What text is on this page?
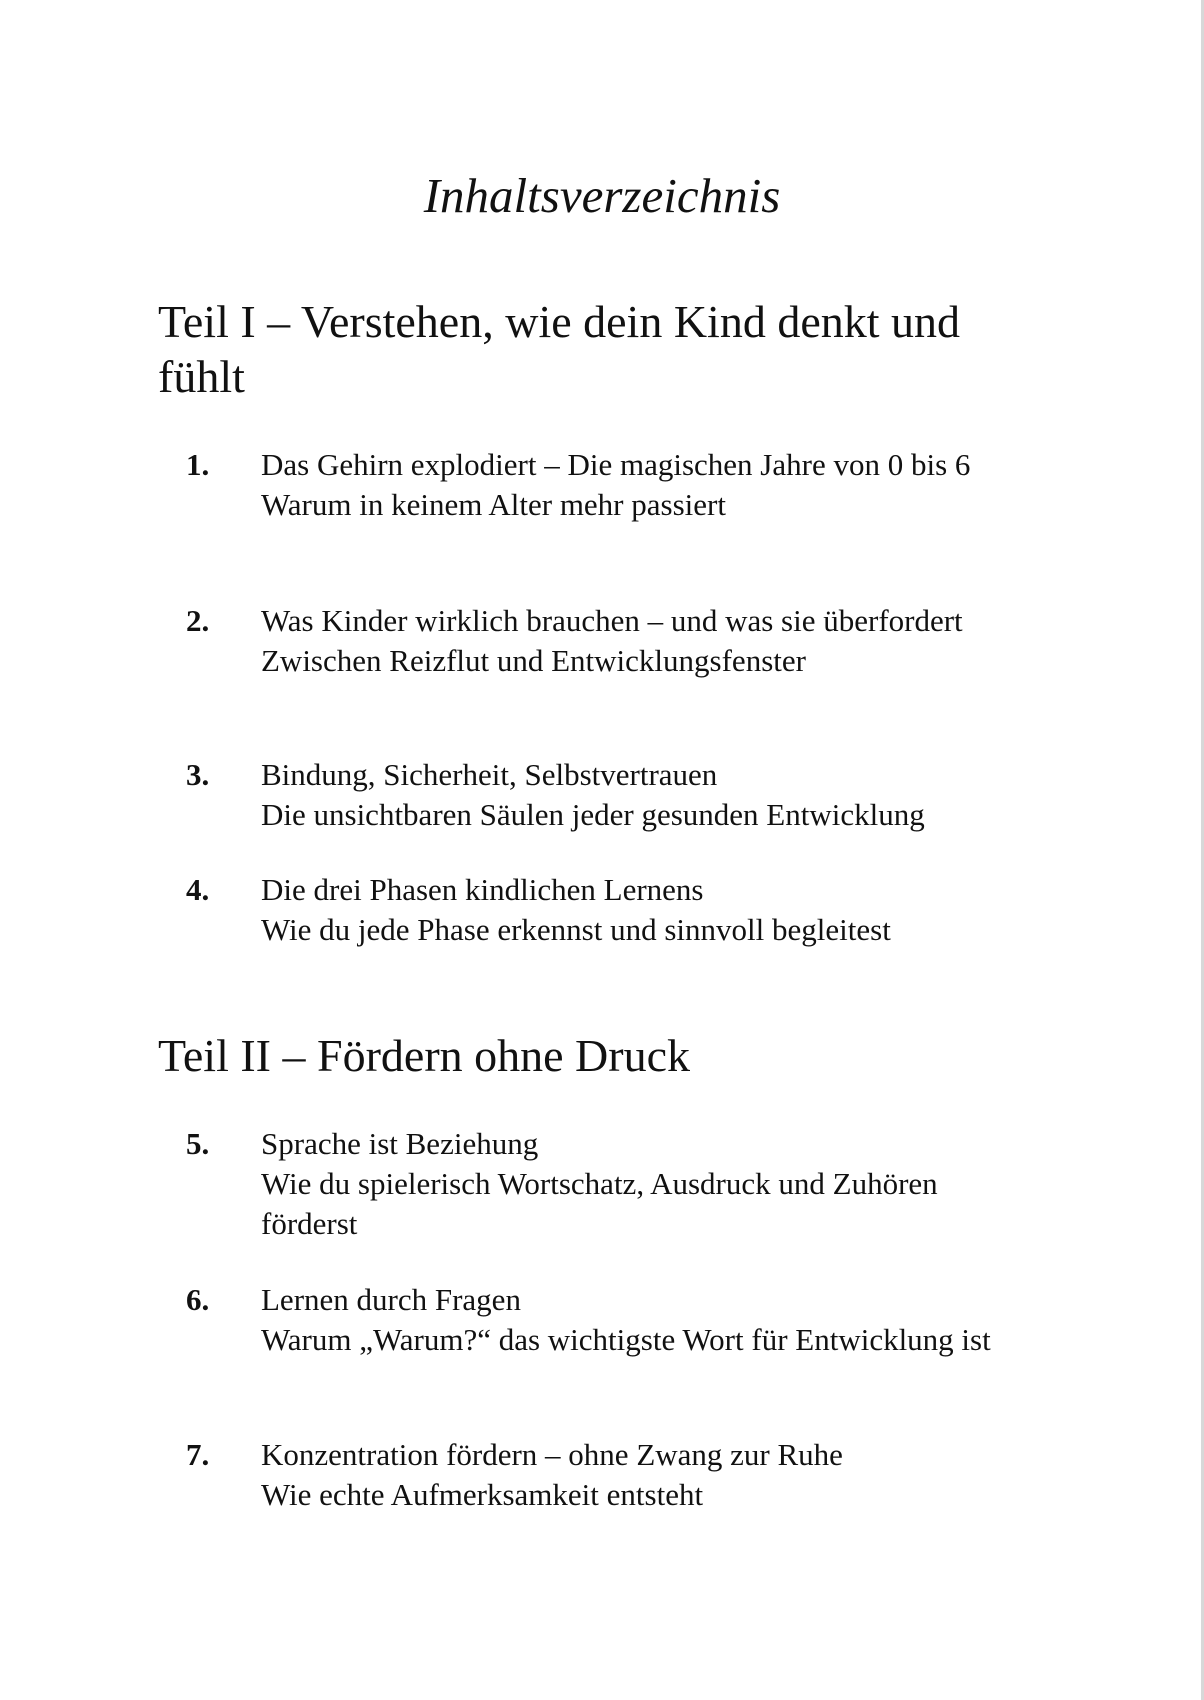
Inhaltsverzeichnis
Teil I – Verstehen, wie dein Kind denkt und fühlt
1.	Das Gehirn explodiert – Die magischen Jahre von 0 bis 6
Warum in keinem Alter mehr passiert
2.	Was Kinder wirklich brauchen – und was sie überfordert
Zwischen Reizflut und Entwicklungsfenster
3.	Bindung, Sicherheit, Selbstvertrauen
Die unsichtbaren Säulen jeder gesunden Entwicklung
4.	Die drei Phasen kindlichen Lernens
Wie du jede Phase erkennst und sinnvoll begleitest
Teil II – Fördern ohne Druck
5.	Sprache ist Beziehung
Wie du spielerisch Wortschatz, Ausdruck und Zuhören förderst
6.	Lernen durch Fragen
Warum „Warum?“ das wichtigste Wort für Entwicklung ist
7.	Konzentration fördern – ohne Zwang zur Ruhe
Wie echte Aufmerksamkeit entsteht
